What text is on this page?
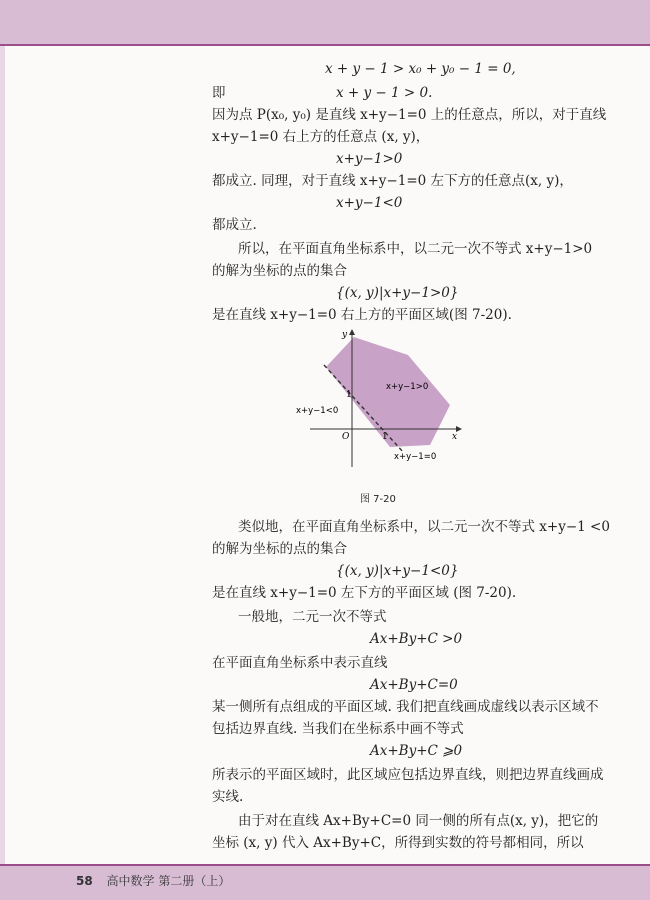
x + y − 1 > x₀ + y₀ − 1 = 0,
即	x + y − 1 > 0.
因为点 P(x₀, y₀) 是直线 x+y−1=0 上的任意点，所以，对于直线
x+y−1=0 右上方的任意点 (x, y)，
x+y−1>0
都成立. 同理，对于直线 x+y−1=0 左下方的任意点(x, y)，
x+y−1<0
都成立.
所以，在平面直角坐标系中，以二元一次不等式 x+y−1>0
的解为坐标的点的集合
{(x, y)|x+y−1>0}
是在直线 x+y−1=0 右上方的平面区域(图 7-20).
y
x
O	1
1
x+y−1>0
x+y−1<0
x+y−1=0
图 7-20
类似地，在平面直角坐标系中，以二元一次不等式 x+y−1 <0
的解为坐标的点的集合
{(x, y)|x+y−1<0}
是在直线 x+y−1=0 左下方的平面区域 (图 7-20).
一般地，二元一次不等式
Ax+By+C >0
在平面直角坐标系中表示直线
Ax+By+C=0
某一侧所有点组成的平面区域. 我们把直线画成虚线以表示区域不
包括边界直线. 当我们在坐标系中画不等式
Ax+By+C ⩾0
所表示的平面区域时，此区域应包括边界直线，则把边界直线画成
实线.
由于对在直线 Ax+By+C=0 同一侧的所有点(x, y)，把它的
坐标 (x, y) 代入 Ax+By+C，所得到实数的符号都相同，所以
58 高中数学 第二册（上）
